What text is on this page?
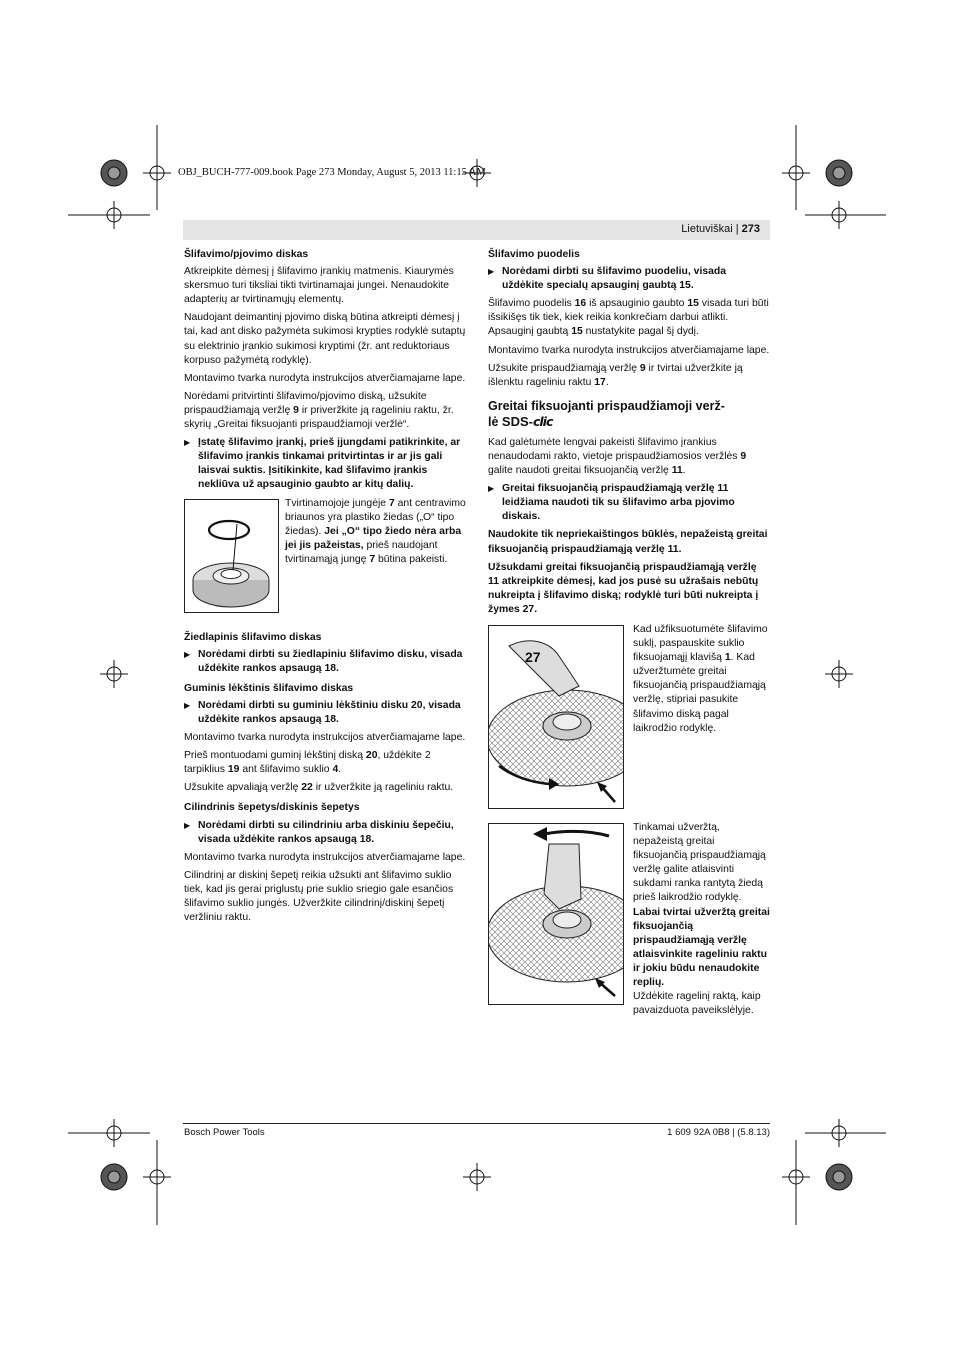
OBJ_BUCH-777-009.book Page 273 Monday, August 5, 2013 11:15 AM
Lietuviškai | 273
Šlifavimo/pjovimo diskas

Atkreipkite dėmesį į šlifavimo įrankių matmenis. Kiaurymės skersmuo turi tiksliai tikti tvirtinamajai jungei. Nenaudokite adapterių ar tvirtinamųjų elementų.

Naudojant deimantinį pjovimo diską būtina atkreipti dėmesį į tai, kad ant disko pažymėta sukimosi krypties rodyklė sutaptų su elektrinio įrankio sukimosi kryptimi (žr. ant reduktoriaus korpuso pažymėtą rodyklę).

Montavimo tvarka nurodyta instrukcijos atverčiamajame lape.

Norėdami pritvirtinti šlifavimo/pjovimo diską, užsukite prispaudžiamąją veržlę 9 ir priveržkite ją rageliniu raktu, žr. skyrių „Greitai fiksuojanti prispaudžiamoji veržlė“.

▶ Įstatę šlifavimo įrankį, prieš įjungdami patikrinkite, ar šlifavimo įrankis tinkamai pritvirtintas ir ar jis gali laisvai suktis. Įsitikinkite, kad šlifavimo įrankis nekliūva už apsauginio gaubto ar kitų dalių.
Tvirtinamojoje jungėje 7 ant centravimo briaunos yra plastiko žiedas („O“ tipo žiedas). Jei „O“ tipo žiedo nėra arba jei jis pažeistas, prieš naudojant tvirtinamąją jungę 7 būtina pakeisti.
Žiedlapinis šlifavimo diskas
▶ Norėdami dirbti su žiedlapiniu šlifavimo disku, visada uždėkite rankos apsaugą 18.
Guminis lėkštinis šlifavimo diskas
▶ Norėdami dirbti su guminiu lėkštiniu disku 20, visada uždėkite rankos apsaugą 18.

Montavimo tvarka nurodyta instrukcijos atverčiamajame lape.

Prieš montuodami guminį lėkštinį diską 20, uždėkite 2 tarpiklius 19 ant šlifavimo suklio 4.

Užsukite apvaliąją veržlę 22 ir užveržkite ją rageliniu raktu.

Cilindrinis šepetys/diskinis šepetys
▶ Norėdami dirbti su cilindriniu arba diskiniu šepečiu, visada uždėkite rankos apsaugą 18.

Montavimo tvarka nurodyta instrukcijos atverčiamajame lape.

Cilindrinį ar diskinį šepetį reikia užsukti ant šlifavimo suklio tiek, kad jis gerai priglustų prie suklio sriegio gale esančios šlifavimo suklio jungės. Užveržkite cilindrinį/diskinį šepetį veržliniu raktu.

Šlifavimo puodelis
▶ Norėdami dirbti su šlifavimo puodeliu, visada uždėkite specialų apsauginį gaubtą 15.

Šlifavimo puodelis 16 iš apsauginio gaubto 15 visada turi būti išsikišęs tik tiek, kiek reikia konkrečiam darbui atlikti. Apsauginį gaubtą 15 nustatykite pagal šį dydį.

Montavimo tvarka nurodyta instrukcijos atverčiamajame lape.

Užsukite prispaudžiamąją veržlę 9 ir tvirtai užveržkite ją išlenktu rageliniu raktu 17.

Greitai fiksuojanti prispaudžiamoji verž-
lė SDS-clic

Kad galėtumėte lengvai pakeisti šlifavimo įrankius nenaudodami rakto, vietoje prispaudžiamosios veržlės 9 galite naudoti greitai fiksuojančią veržlę 11.

▶ Greitai fiksuojančią prispaudžiamąją veržlę 11 leidžiama naudoti tik su šlifavimo arba pjovimo diskais.

Naudokite tik nepriekaištingos būklės, nepažeistą greitai fiksuojančią prispaudžiamąją veržlę 11.

Užsukdami greitai fiksuojančią prispaudžiamąją veržlę 11 atkreipkite dėmesį, kad jos pusė su užrašais nebūtų nukreipta į šlifavimo diską; rodyklė turi būti nukreipta į žymes 27.

27
Kad užfiksuotumėte šlifavimo suklį, paspauskite suklio fiksuojamąjį klavišą 1. Kad užveržtumėte greitai fiksuojančią prispaudžiamąją veržlę, stipriai pasukite šlifavimo diską pagal laikrodžio rodyklę.
Tinkamai užveržtą, nepažeistą greitai fiksuojančią prispaudžiamąją veržlę galite atlaisvinti sukdami ranka rantytą žiedą prieš laikrodžio rodyklę.
Labai tvirtai užveržtą greitai fiksuojančią prispaudžiamąją veržlę atlaisvinkite rageliniu raktu ir jokiu būdu nenaudokite replių.
Uždėkite ragelinį raktą, kaip pavaizduota paveikslėlyje.
Bosch Power Tools	1 609 92A 0B8 | (5.8.13)
